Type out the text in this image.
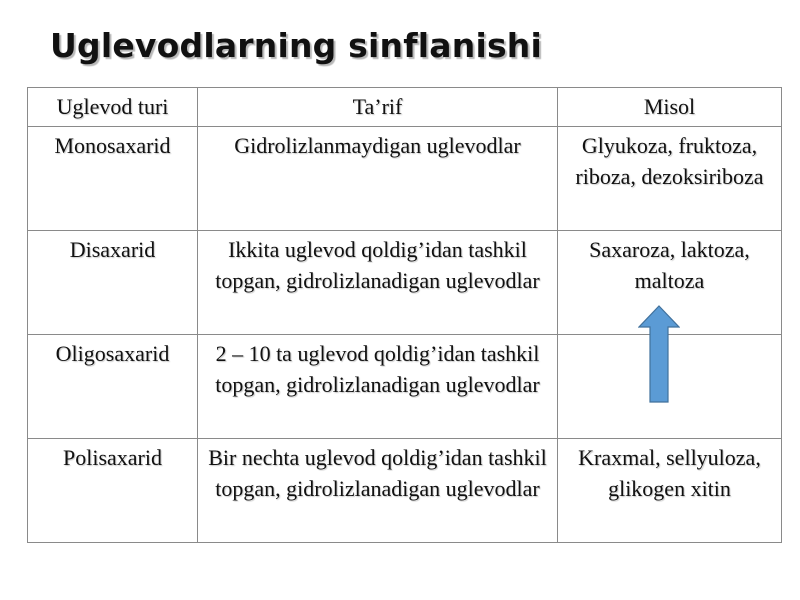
Uglevodlarning sinflanishi
Uglevod turi	Ta’rif	Misol
Monosaxarid	Gidrolizlanmaydigan uglevodlar	Glyukoza, fruktoza, riboza, dezoksiriboza
Disaxarid	Ikkita uglevod qoldig’idan tashkil topgan, gidrolizlanadigan uglevodlar	Saxaroza, laktoza, maltoza
Oligosaxarid	2 – 10 ta uglevod qoldig’idan tashkil topgan, gidrolizlanadigan uglevodlar	

Polisaxarid	Bir nechta uglevod qoldig’idan tashkil topgan, gidrolizlanadigan uglevodlar	Kraxmal, sellyuloza, glikogen xitin
